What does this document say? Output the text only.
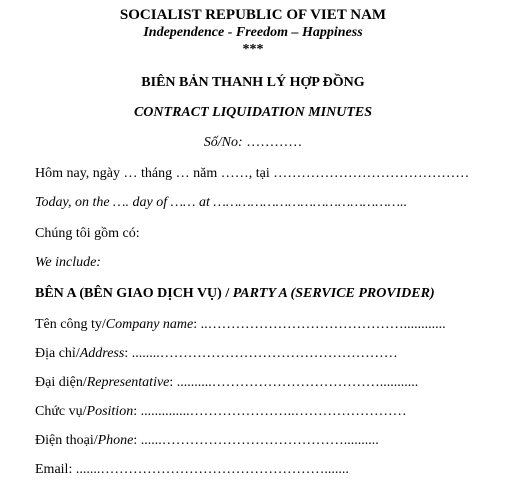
SOCIALIST REPUBLIC OF VIET NAM
Independence - Freedom – Happiness
***
BIÊN BẢN THANH LÝ HỢP ĐỒNG
CONTRACT LIQUIDATION MINUTES
Số/No: …………
Hôm nay, ngày … tháng … năm ……, tại ……………………………………
Today, on the …. day of …… at ………………………………………..
Chúng tôi gồm có:
We include:
BÊN A (BÊN GIAO DỊCH VỤ) / PARTY A (SERVICE PROVIDER)
Tên công ty/Company name: ..……………………………………............
Địa chỉ/Address: ........……………………………………………
Đại diện/Representative: ..........………………………………...........
Chức vụ/Position: ..............…………………..……………………
Điện thoại/Phone: ......…………………………………..........
Email: .......………………………………………….......
